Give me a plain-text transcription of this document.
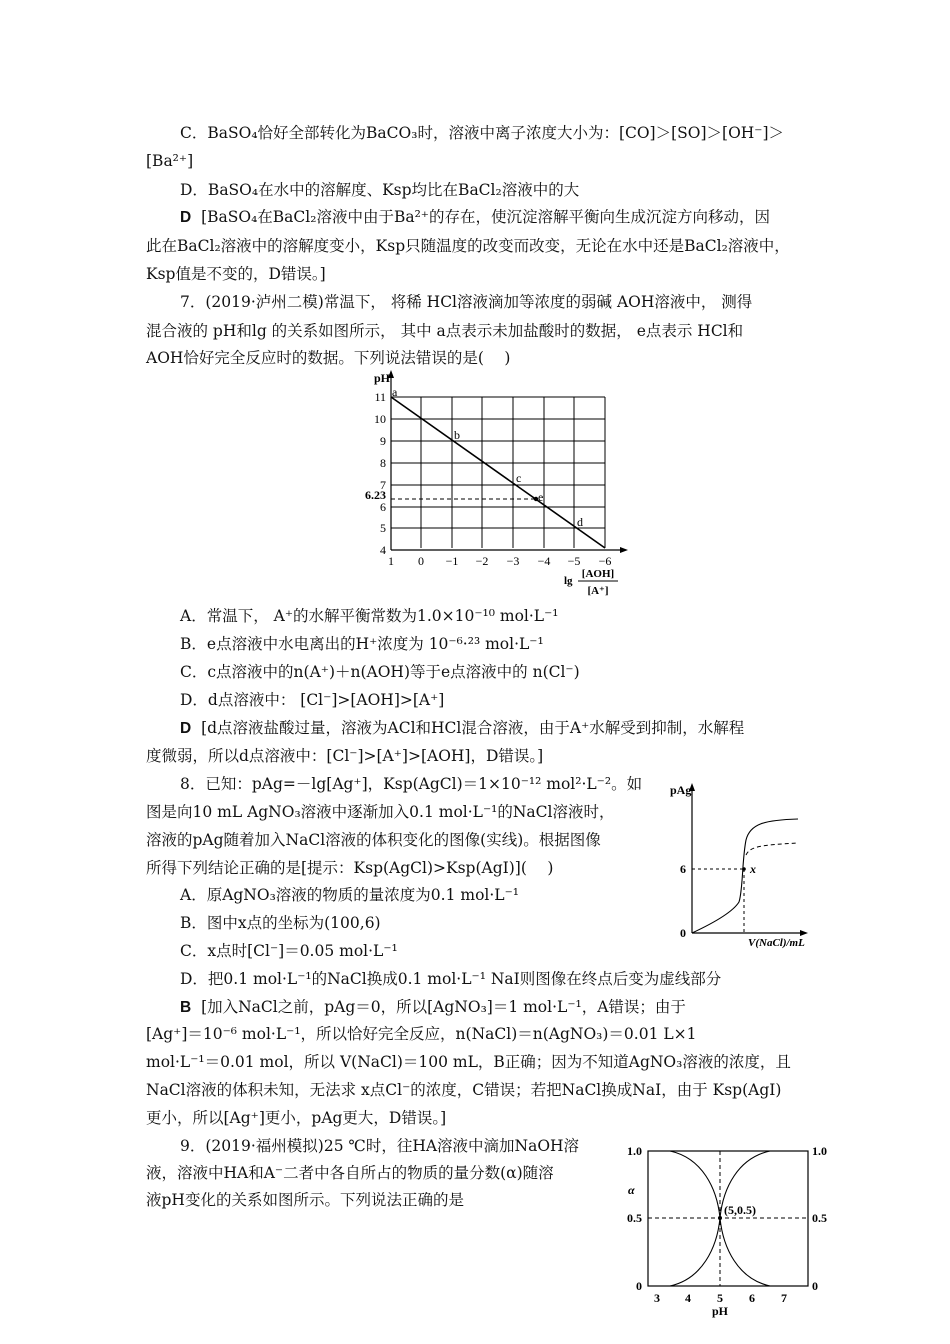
C．BaSO₄恰好全部转化为BaCO₃时，溶液中离子浓度大小为：[CO]＞[SO]＞[OH⁻]＞
[Ba²⁺]
D．BaSO₄在水中的溶解度、Ksp均比在BaCl₂溶液中的大
D [BaSO₄在BaCl₂溶液中由于Ba²⁺的存在，使沉淀溶解平衡向生成沉淀方向移动，因
此在BaCl₂溶液中的溶解度变小，Ksp只随温度的改变而改变，无论在水中还是BaCl₂溶液中，
Ksp值是不变的，D错误。]
7．(2019·泸州二模)常温下， 将稀 HCl溶液滴加等浓度的弱碱 AOH溶液中， 测得
混合液的 pH和lg 的关系如图所示， 其中 a点表示未加盐酸时的数据， e点表示 HCl和
AOH恰好完全反应时的数据。下列说法错误的是(　 )
pH
a
b
c
e
d
4
5
6
6.23
7
8
9
10
11
1 0 −1 −2 −3 −4 −5 −6
lg
[AOH]
[A⁺]
A．常温下， A⁺的水解平衡常数为1.0×10⁻¹⁰ mol·L⁻¹
B．e点溶液中水电离出的H⁺浓度为 10⁻⁶·²³ mol·L⁻¹
C．c点溶液中的n(A⁺)＋n(AOH)等于e点溶液中的 n(Cl⁻)
D．d点溶液中： [Cl⁻]>[AOH]>[A⁺]
D [d点溶液盐酸过量，溶液为ACl和HCl混合溶液，由于A⁺水解受到抑制，水解程
度微弱，所以d点溶液中：[Cl⁻]>[A⁺]>[AOH]，D错误。]
8．已知：pAg=－lg[Ag⁺]，Ksp(AgCl)＝1×10⁻¹² mol²·L⁻²。如
图是向10 mL AgNO₃溶液中逐渐加入0.1 mol·L⁻¹的NaCl溶液时，
溶液的pAg随着加入NaCl溶液的体积变化的图像(实线)。根据图像
所得下列结论正确的是[提示：Ksp(AgCl)>Ksp(AgI)](　 )
A．原AgNO₃溶液的物质的量浓度为0.1 mol·L⁻¹
B．图中x点的坐标为(100,6)
C．x点时[Cl⁻]＝0.05 mol·L⁻¹
D．把0.1 mol·L⁻¹的NaCl换成0.1 mol·L⁻¹ NaI则图像在终点后变为虚线部分
B [加入NaCl之前，pAg＝0，所以[AgNO₃]＝1 mol·L⁻¹，A错误；由于
[Ag⁺]＝10⁻⁶ mol·L⁻¹，所以恰好完全反应，n(NaCl)＝n(AgNO₃)＝0.01 L×1
mol·L⁻¹＝0.01 mol，所以 V(NaCl)＝100 mL，B正确；因为不知道AgNO₃溶液的浓度，且
NaCl溶液的体积未知，无法求 x点Cl⁻的浓度，C错误；若把NaCl换成NaI，由于 Ksp(AgI)
更小，所以[Ag⁺]更小，pAg更大，D错误。]
pAg
6
0
x
V(NaCl)/mL
9．(2019·福州模拟)25 ℃时，往HA溶液中滴加NaOH溶
液，溶液中HA和A⁻二者中各自所占的物质的量分数(α)随溶
液pH变化的关系如图所示。下列说法正确的是
1.0
0.5
0
1.0
0.5
0
α
(5,0.5)
3 4 5 6 7
pH
